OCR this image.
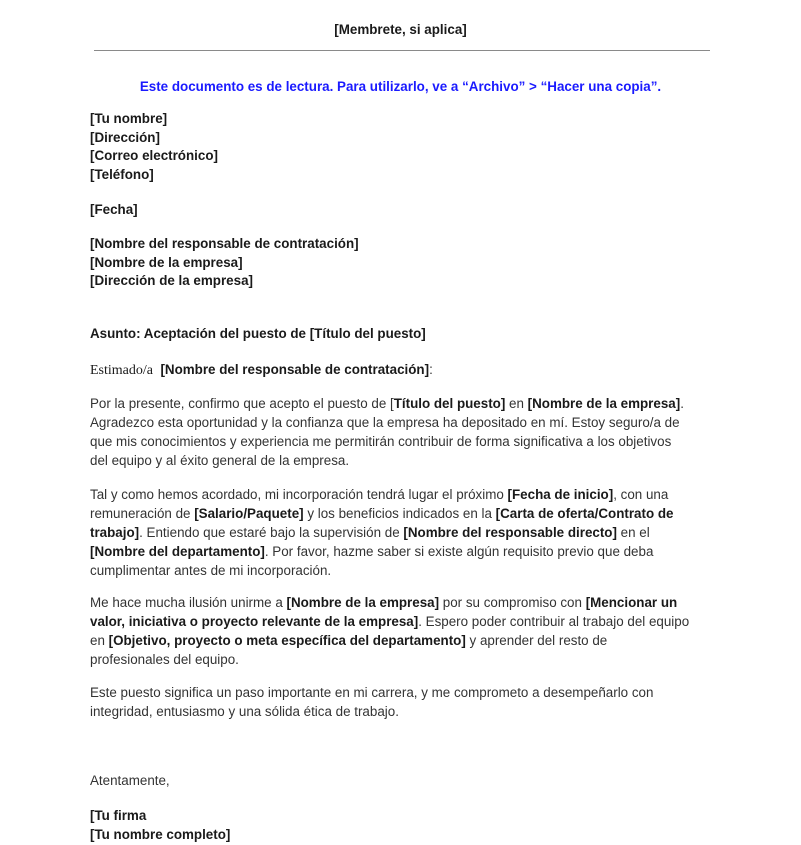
[Membrete, si aplica]
Este documento es de lectura. Para utilizarlo, ve a “Archivo” > “Hacer una copia”.
[Tu nombre]
[Dirección]
[Correo electrónico]
[Teléfono]
[Fecha]
[Nombre del responsable de contratación]
[Nombre de la empresa]
[Dirección de la empresa]
Asunto: Aceptación del puesto de [Título del puesto]
Estimado/a [Nombre del responsable de contratación]:
Por la presente, confirmo que acepto el puesto de [Título del puesto] en [Nombre de la empresa].
Agradezco esta oportunidad y la confianza que la empresa ha depositado en mí. Estoy seguro/a de
que mis conocimientos y experiencia me permitirán contribuir de forma significativa a los objetivos
del equipo y al éxito general de la empresa.
Tal y como hemos acordado, mi incorporación tendrá lugar el próximo [Fecha de inicio], con una
remuneración de [Salario/Paquete] y los beneficios indicados en la [Carta de oferta/Contrato de
trabajo]. Entiendo que estaré bajo la supervisión de [Nombre del responsable directo] en el
[Nombre del departamento]. Por favor, hazme saber si existe algún requisito previo que deba
cumplimentar antes de mi incorporación.
Me hace mucha ilusión unirme a [Nombre de la empresa] por su compromiso con [Mencionar un
valor, iniciativa o proyecto relevante de la empresa]. Espero poder contribuir al trabajo del equipo
en [Objetivo, proyecto o meta específica del departamento] y aprender del resto de
profesionales del equipo.
Este puesto significa un paso importante en mi carrera, y me comprometo a desempeñarlo con
integridad, entusiasmo y una sólida ética de trabajo.
Atentamente,
[Tu firma
[Tu nombre completo]
